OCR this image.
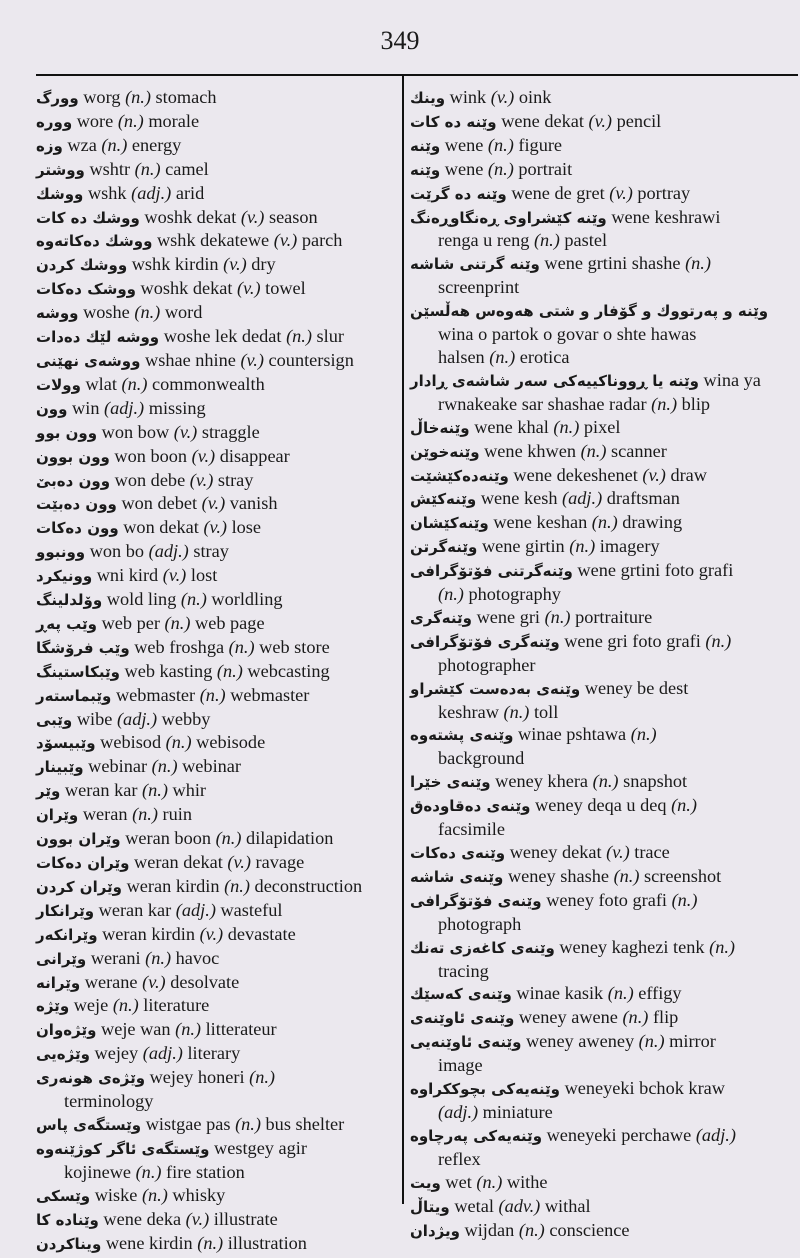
349
وورگ worg (n.) stomach
وورە wore (n.) morale
وزە wza (n.) energy
ووشتر wshtr (n.) camel
ووشك wshk (adj.) arid
ووشك دە كات woshk dekat (v.) season
ووشك دەكاتەوە wshk dekatewe (v.) parch
ووشك كردن wshk kirdin (v.) dry
ووشک دەکات woshk dekat (v.) towel
ووشە woshe (n.) word
ووشە لێك دەدات woshe lek dedat (n.) slur
ووشەی نهێنی wshae nhine (v.) countersign
وولات wlat (n.) commonwealth
وون win (adj.) missing
وون بوو won bow (v.) straggle
وون بوون won boon (v.) disappear
وون دەبێ won debe (v.) stray
وون دەبێت won debet (v.) vanish
وون دەكات won dekat (v.) lose
وونبوو won bo (adj.) stray
وونيكرد wni kird (v.) lost
وۆلدلینگ wold ling (n.) worldling
وێب پەڕ web per (n.) web page
وێب فرۆشگا web froshga (n.) web store
وێبكاستینگ web kasting (n.) webcasting
وێبماستەر webmaster (n.) webmaster
وێبی wibe (adj.) webby
وێبیسۆد webisod (n.) webisode
وێبینار webinar (n.) webinar
وێر weran kar (n.) whir
وێران weran (n.) ruin
وێران بوون weran boon (n.) dilapidation
وێران دەكات weran dekat (v.) ravage
وێران كردن weran kirdin (n.) deconstruction
وێرانكار weran kar (adj.) wasteful
وێرانكەر weran kirdin (v.) devastate
وێرانی werani (n.) havoc
وێرانە werane (v.) desolvate
وێژە weje (n.) literature
وێژەوان weje wan (n.) litterateur
وێژەیی wejey (adj.) literary
وێژەی هونەری wejey honeri (n.)
terminology
وێستگەی پاس wistgae pas (n.) bus shelter
وێستگەی ئاگر كوژێنەوە westgey agir
kojinewe (n.) fire station
وێسكی wiske (n.) whisky
وێناده كا wene deka (v.) illustrate
ویناکردن wene kirdin (n.) illustration
وینك wink (v.) oink
وێنە دە كات wene dekat (v.) pencil
وێنە wene (n.) figure
وێنە wene (n.) portrait
وێنە دە گرێت wene de gret (v.) portray
وێنە كێشراوی ڕەنگاوڕەنگ wene keshrawi
renga u reng (n.) pastel
وێنە گرتنی شاشە wene grtini shashe (n.)
screenprint
وێنە و پەرتووك و گۆفار و شتی هەوەس هەڵسێن
wina o partok o govar o shte hawas
halsen (n.) erotica
وێنە یا ڕووناکییەکی سەر شاشەی ڕادار wina ya
rwnakeake sar shashae radar (n.) blip
وێنەخاڵ wene khal (n.) pixel
وێنەخوێن wene khwen (n.) scanner
وێنەدەكێشێت wene dekeshenet (v.) draw
وێنەكێش wene kesh (adj.) draftsman
وێنەكێشان wene keshan (n.) drawing
وێنەگرتن wene girtin (n.) imagery
وێنەگرتنی فۆتۆگرافی wene grtini foto grafi
(n.) photography
وێنەگری wene gri (n.) portraiture
وێنەگری فۆتۆگرافی wene gri foto grafi (n.)
photographer
وێنەی بەدەست كێشراو weney be dest
keshraw (n.) toll
وێنەی پشتەوە winae pshtawa (n.)
background
وێنەی خێرا weney khera (n.) snapshot
وێنەی دەقاودەق weney deqa u deq (n.)
facsimile
وێنەی دەكات weney dekat (v.) trace
وێنەی شاشە weney shashe (n.) screenshot
وێنەی فۆتۆگرافی weney foto grafi (n.)
photograph
وێنەی كاغەزی تەنك weney kaghezi tenk (n.)
tracing
وێنەی کەسێك winae kasik (n.) effigy
وێنەی ئاوێنەی weney awene (n.) flip
وێنەی ئاوێنەیی weney aweney (n.) mirror
image
وێنەیەكی بچوككراوە weneyeki bchok kraw
(adj.) miniature
وێنەیەكی پەرچاوە weneyeki perchawe (adj.)
reflex
ویت wet (n.) withe
ویتاڵ wetal (adv.) withal
ویژدان wijdan (n.) conscience
